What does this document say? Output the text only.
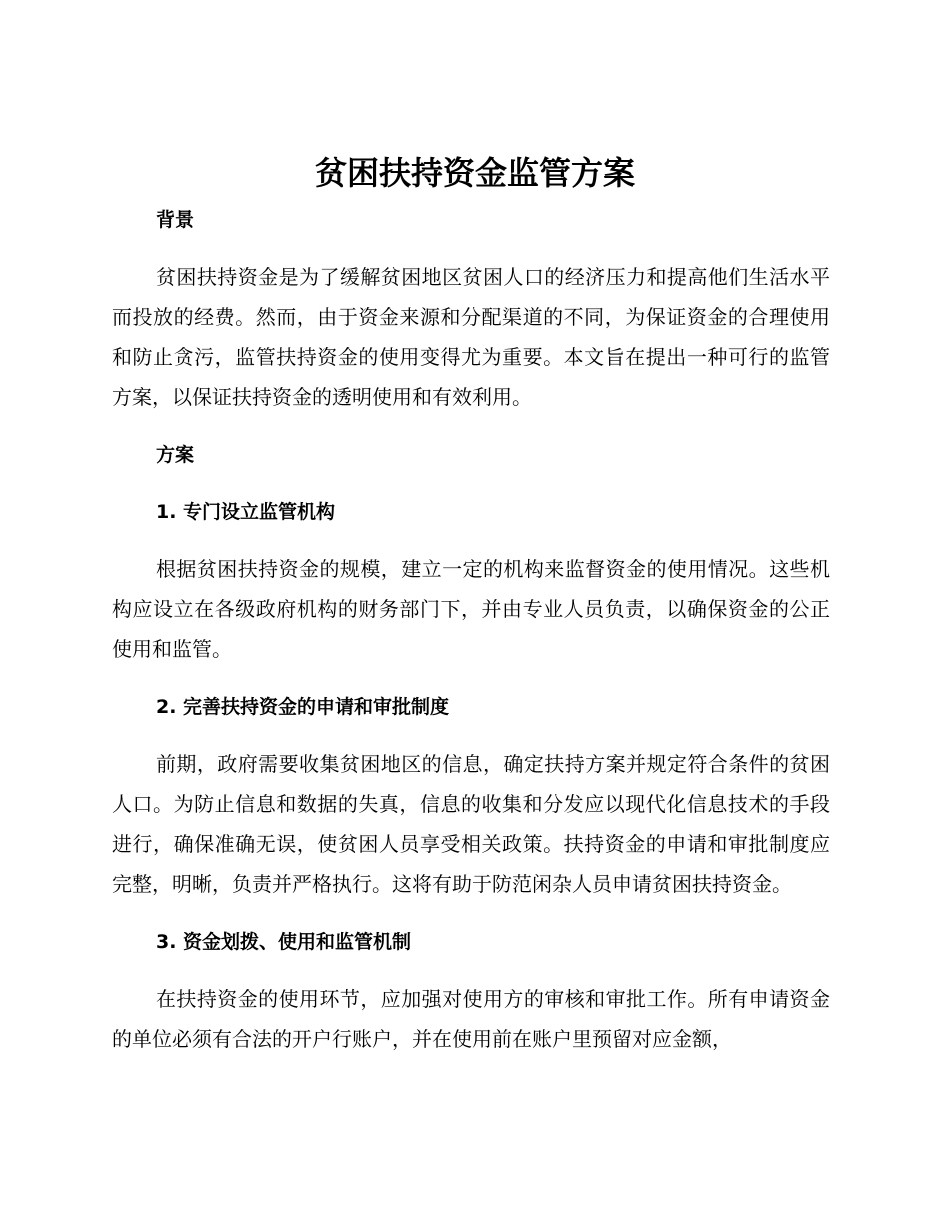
贫困扶持资金监管方案
背景

贫困扶持资金是为了缓解贫困地区贫困人口的经济压力和提高他们生活水平而投放的经费。然而，由于资金来源和分配渠道的不同，为保证资金的合理使用和防止贪污，监管扶持资金的使用变得尤为重要。本文旨在提出一种可行的监管方案，以保证扶持资金的透明使用和有效利用。

方案
1. 专门设立监管机构

根据贫困扶持资金的规模，建立一定的机构来监督资金的使用情况。这些机构应设立在各级政府机构的财务部门下，并由专业人员负责，以确保资金的公正使用和监管。

2. 完善扶持资金的申请和审批制度

前期，政府需要收集贫困地区的信息，确定扶持方案并规定符合条件的贫困人口。为防止信息和数据的失真，信息的收集和分发应以现代化信息技术的手段进行，确保准确无误，使贫困人员享受相关政策。扶持资金的申请和审批制度应完整，明晰，负责并严格执行。这将有助于防范闲杂人员申请贫困扶持资金。

3. 资金划拨、使用和监管机制

在扶持资金的使用环节，应加强对使用方的审核和审批工作。所有申请资金的单位必须有合法的开户行账户，并在使用前在账户里预留对应金额，
